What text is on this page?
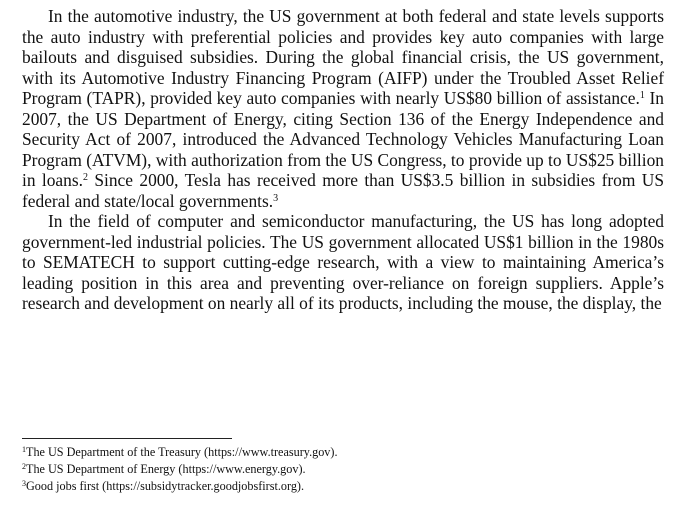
In the automotive industry, the US government at both federal and state levels supports the auto industry with preferential policies and provides key auto companies with large bailouts and disguised subsidies. During the global financial crisis, the US government, with its Automotive Industry Financing Program (AIFP) under the Troubled Asset Relief Program (TAPR), provided key auto companies with nearly US$80 billion of assistance.$^1$ In 2007, the US Department of Energy, citing Section 136 of the Energy Independence and Security Act of 2007, introduced the Advanced Technology Vehicles Manufacturing Loan Program (ATVM), with authorization from the US Congress, to provide up to US$25 billion in loans.$^2$ Since 2000, Tesla has received more than US$3.5 billion in subsidies from US federal and state/local governments.$^3$

In the field of computer and semiconductor manufacturing, the US has long adopted government-led industrial policies. The US government allocated US$1 billion in the 1980s to SEMATECH to support cutting-edge research, with a view to maintaining America’s leading position in this area and preventing over-reliance on foreign suppliers. Apple’s research and development on nearly all of its products, including the mouse, the display, the

$^1$The US Department of the Treasury (https://www.treasury.gov).

$^2$The US Department of Energy (https://www.energy.gov).

$^3$Good jobs first (https://subsidytracker.goodjobsfirst.org).
